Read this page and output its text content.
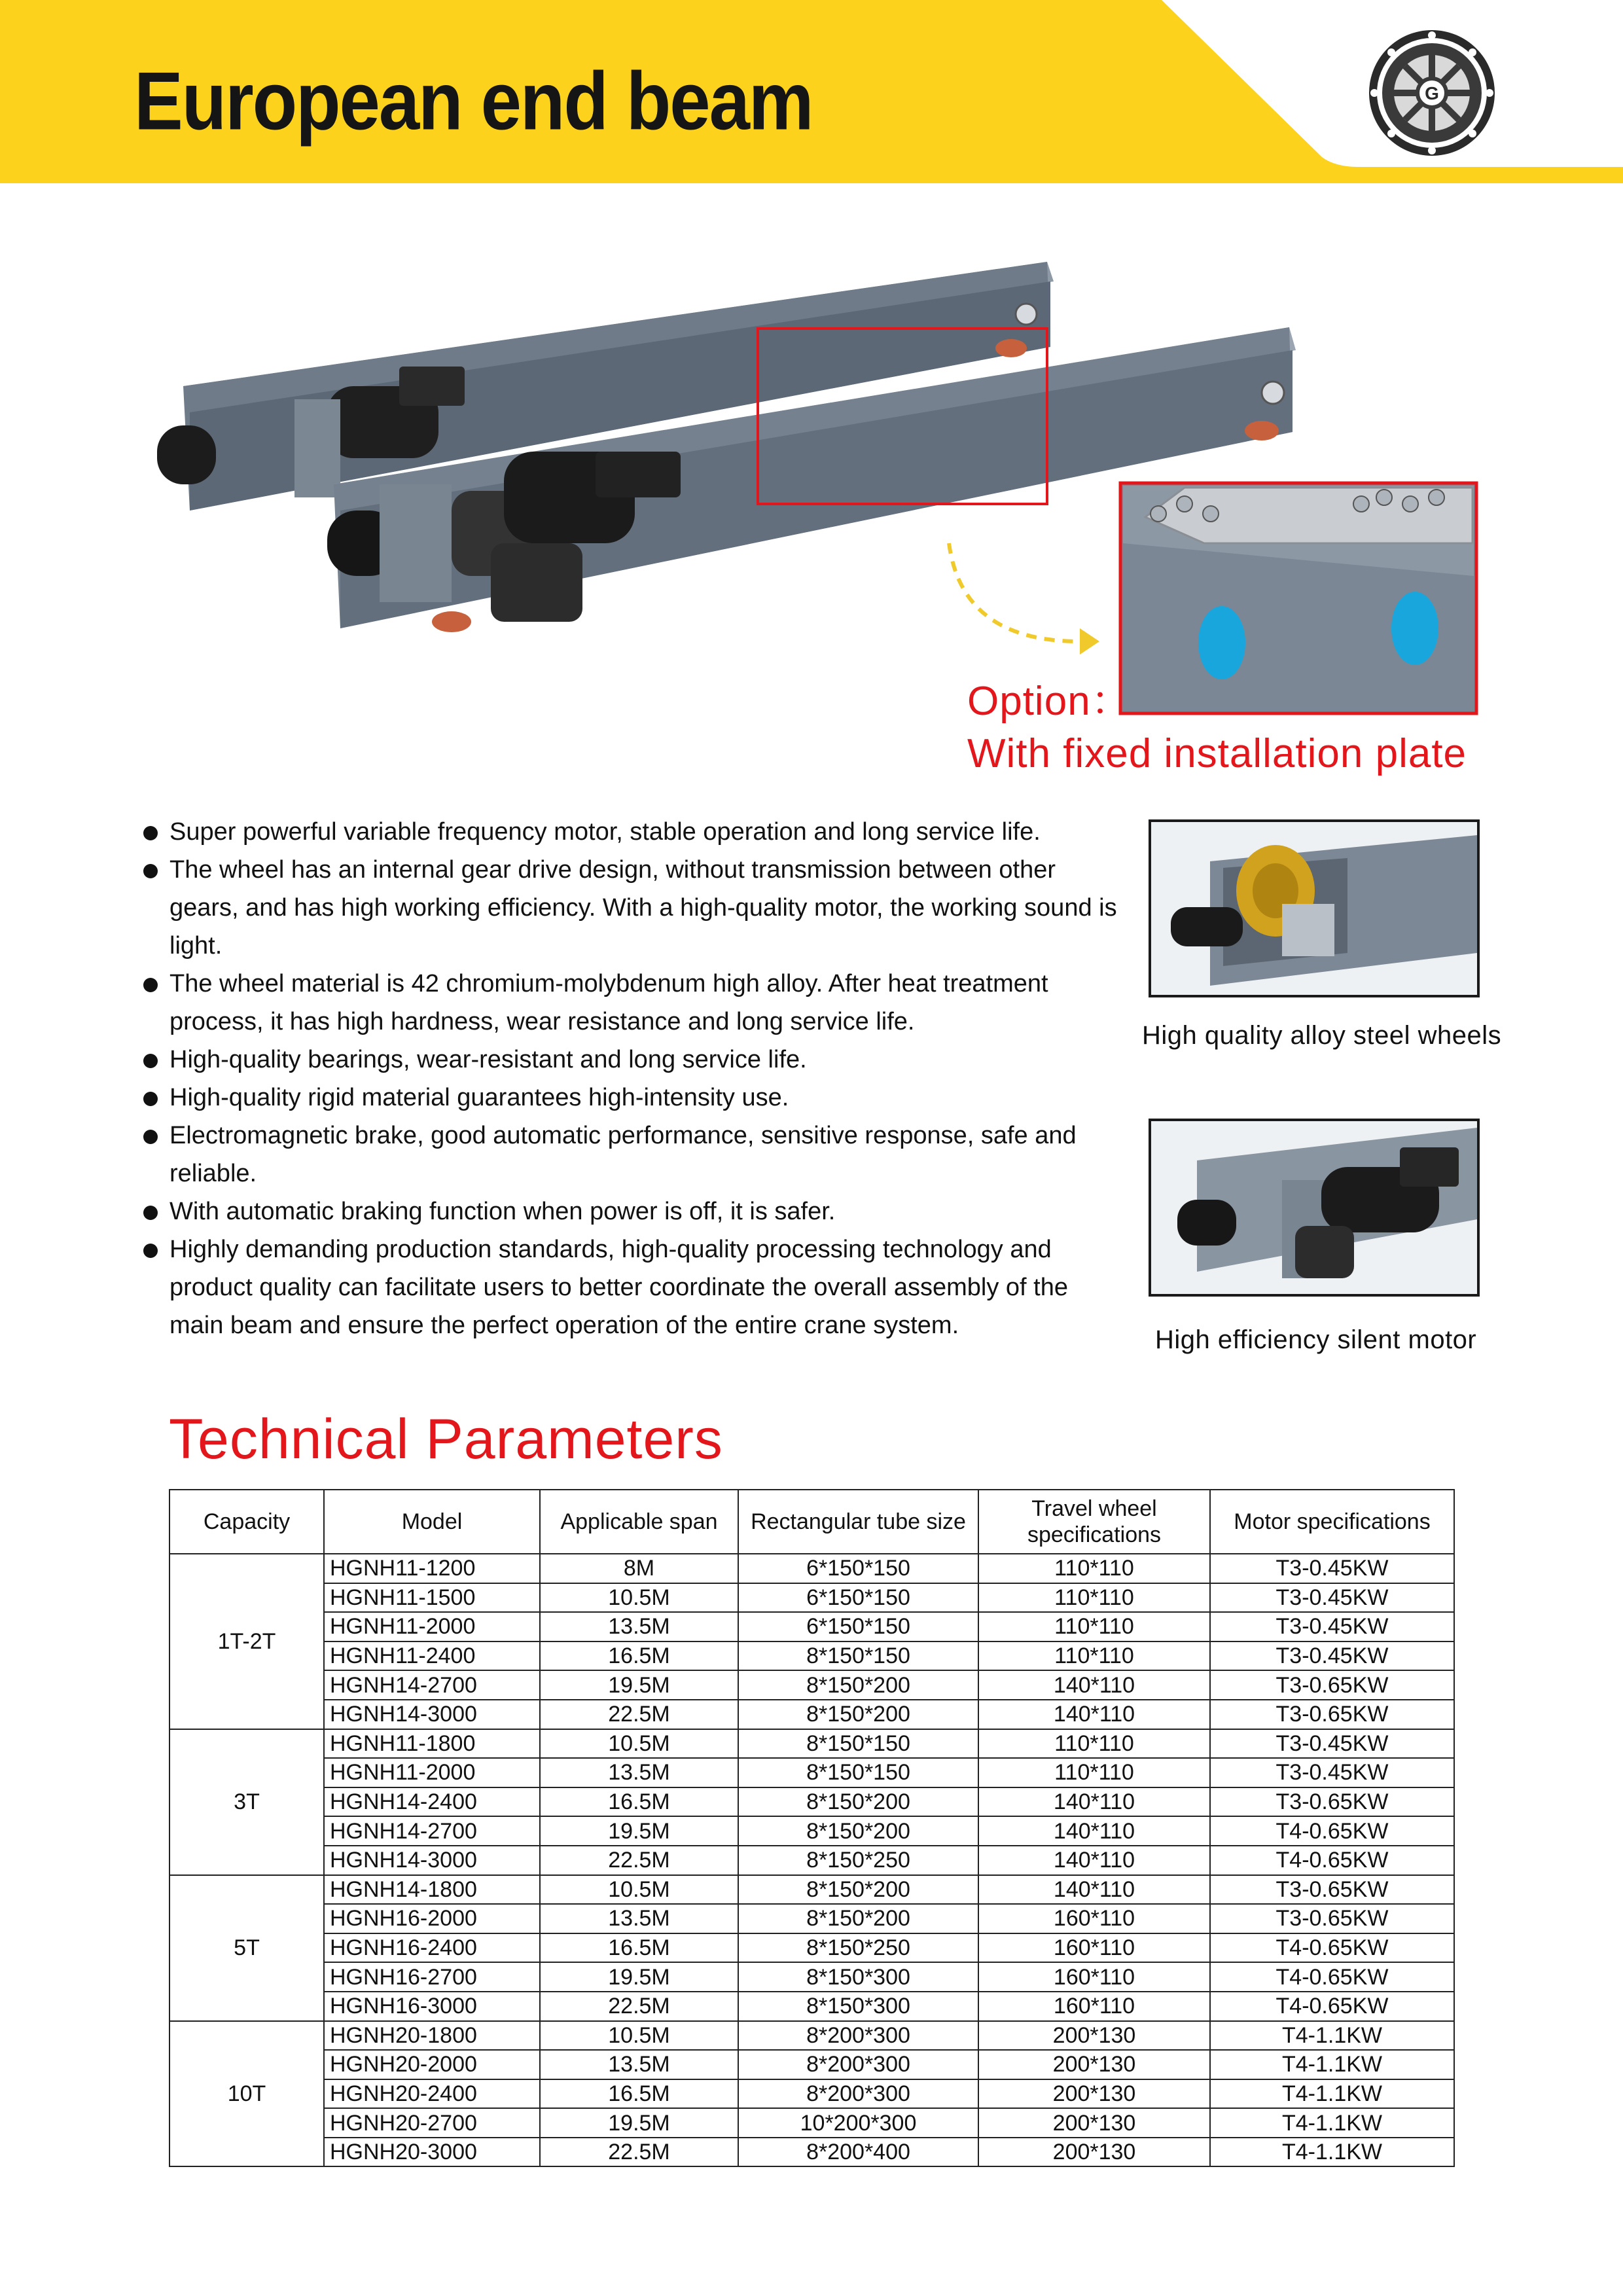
European end beam	G

Option：
With fixed installation plate

Super powerful variable frequency motor, stable operation and long service life.
The wheel has an internal gear drive design, without transmission between other gears, and has high working efficiency. With a high-quality motor, the working sound is light.
The wheel material is 42 chromium-molybdenum high alloy. After heat treatment process, it has high hardness, wear resistance and long service life.
High-quality bearings, wear-resistant and long service life.
High-quality rigid material guarantees high-intensity use.
Electromagnetic brake, good automatic performance, sensitive response, safe and reliable.
With automatic braking function when power is off, it is safer.
Highly demanding production standards, high-quality processing technology and product quality can facilitate users to better coordinate the overall assembly of the main beam and ensure the perfect operation of the entire crane system.
High quality alloy steel wheels
High efficiency silent motor
Technical Parameters
Capacity	Model	Applicable span	Rectangular tube size	Travel wheel specifications	Motor specifications
1T-2T	HGNH11-1200	8M	6*150*150	110*110	T3-0.45KW
	HGNH11-1500	10.5M	6*150*150	110*110	T3-0.45KW
	HGNH11-2000	13.5M	6*150*150	110*110	T3-0.45KW
	HGNH11-2400	16.5M	8*150*150	110*110	T3-0.45KW
	HGNH14-2700	19.5M	8*150*200	140*110	T3-0.65KW
	HGNH14-3000	22.5M	8*150*200	140*110	T3-0.65KW
3T	HGNH11-1800	10.5M	8*150*150	110*110	T3-0.45KW
	HGNH11-2000	13.5M	8*150*150	110*110	T3-0.45KW
	HGNH14-2400	16.5M	8*150*200	140*110	T3-0.65KW
	HGNH14-2700	19.5M	8*150*200	140*110	T4-0.65KW
	HGNH14-3000	22.5M	8*150*250	140*110	T4-0.65KW
5T	HGNH14-1800	10.5M	8*150*200	140*110	T3-0.65KW
	HGNH16-2000	13.5M	8*150*200	160*110	T3-0.65KW
	HGNH16-2400	16.5M	8*150*250	160*110	T4-0.65KW
	HGNH16-2700	19.5M	8*150*300	160*110	T4-0.65KW
	HGNH16-3000	22.5M	8*150*300	160*110	T4-0.65KW
10T	HGNH20-1800	10.5M	8*200*300	200*130	T4-1.1KW
	HGNH20-2000	13.5M	8*200*300	200*130	T4-1.1KW
	HGNH20-2400	16.5M	8*200*300	200*130	T4-1.1KW
	HGNH20-2700	19.5M	10*200*300	200*130	T4-1.1KW
	HGNH20-3000	22.5M	8*200*400	200*130	T4-1.1KW
